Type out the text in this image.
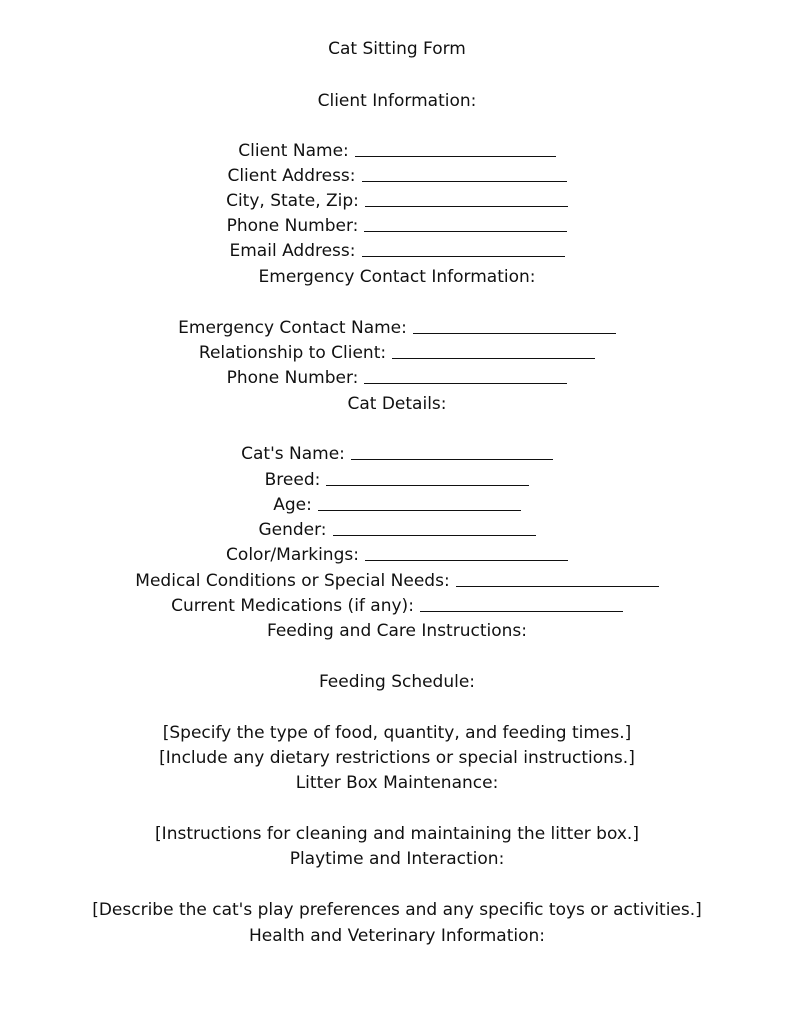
Cat Sitting Form
Client Information:
Client Name:
Client Address:
City, State, Zip:
Phone Number:
Email Address:
Emergency Contact Information:
Emergency Contact Name:
Relationship to Client:
Phone Number:
Cat Details:
Cat's Name:
Breed:
Age:
Gender:
Color/Markings:
Medical Conditions or Special Needs:
Current Medications (if any):
Feeding and Care Instructions:
Feeding Schedule:
[Specify the type of food, quantity, and feeding times.]
[Include any dietary restrictions or special instructions.]
Litter Box Maintenance:
[Instructions for cleaning and maintaining the litter box.]
Playtime and Interaction:
[Describe the cat's play preferences and any specific toys or activities.]
Health and Veterinary Information:
